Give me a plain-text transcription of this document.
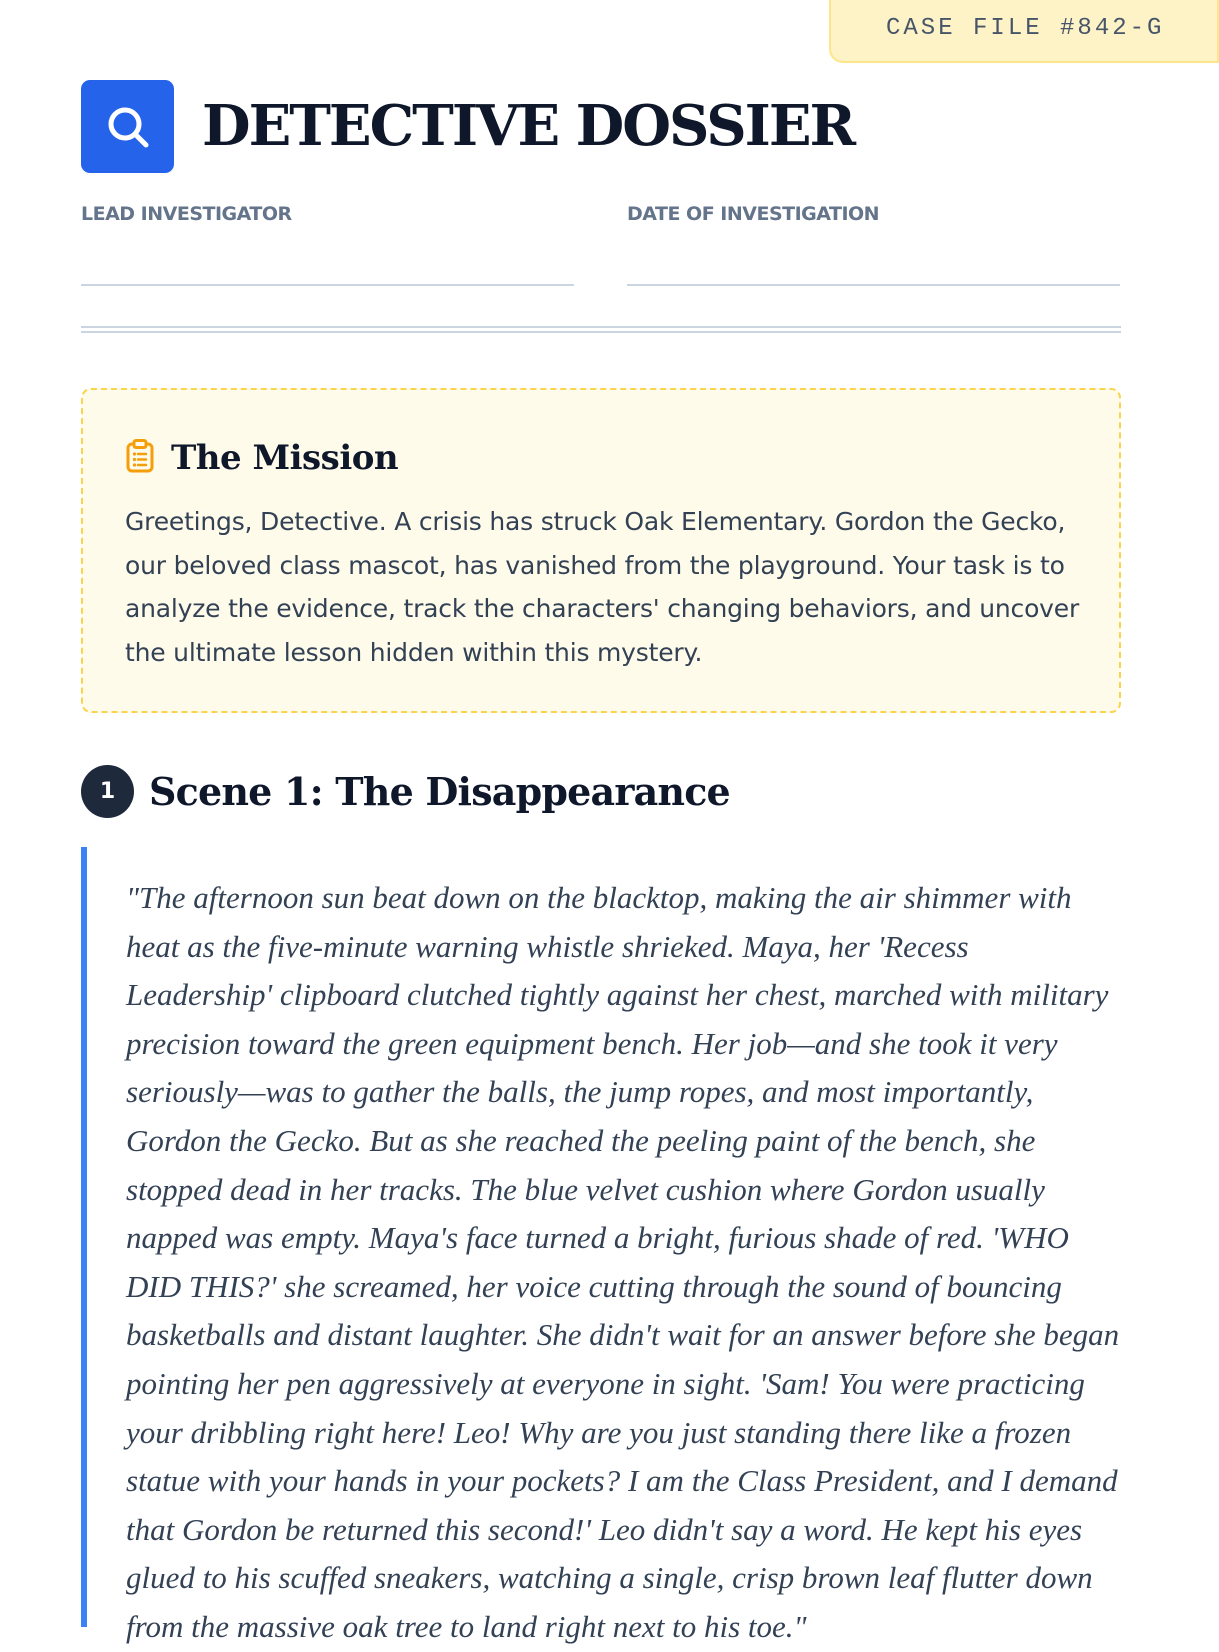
CASE FILE #842-G
DETECTIVE DOSSIER
LEAD INVESTIGATOR	DATE OF INVESTIGATION
The Mission

Greetings, Detective. A crisis has struck Oak Elementary. Gordon the Gecko, our beloved class mascot, has vanished from the playground. Your task is to analyze the evidence, track the characters' changing behaviors, and uncover the ultimate lesson hidden within this mystery.

1 Scene 1: The Disappearance

"The afternoon sun beat down on the blacktop, making the air shimmer with heat as the five-minute warning whistle shrieked. Maya, her 'Recess Leadership' clipboard clutched tightly against her chest, marched with military precision toward the green equipment bench. Her job—and she took it very seriously—was to gather the balls, the jump ropes, and most importantly, Gordon the Gecko. But as she reached the peeling paint of the bench, she stopped dead in her tracks. The blue velvet cushion where Gordon usually napped was empty. Maya's face turned a bright, furious shade of red. 'WHO DID THIS?' she screamed, her voice cutting through the sound of bouncing basketballs and distant laughter. She didn't wait for an answer before she began pointing her pen aggressively at everyone in sight. 'Sam! You were practicing your dribbling right here! Leo! Why are you just standing there like a frozen statue with your hands in your pockets? I am the Class President, and I demand that Gordon be returned this second!' Leo didn't say a word. He kept his eyes glued to his scuffed sneakers, watching a single, crisp brown leaf flutter down from the massive oak tree to land right next to his toe."
